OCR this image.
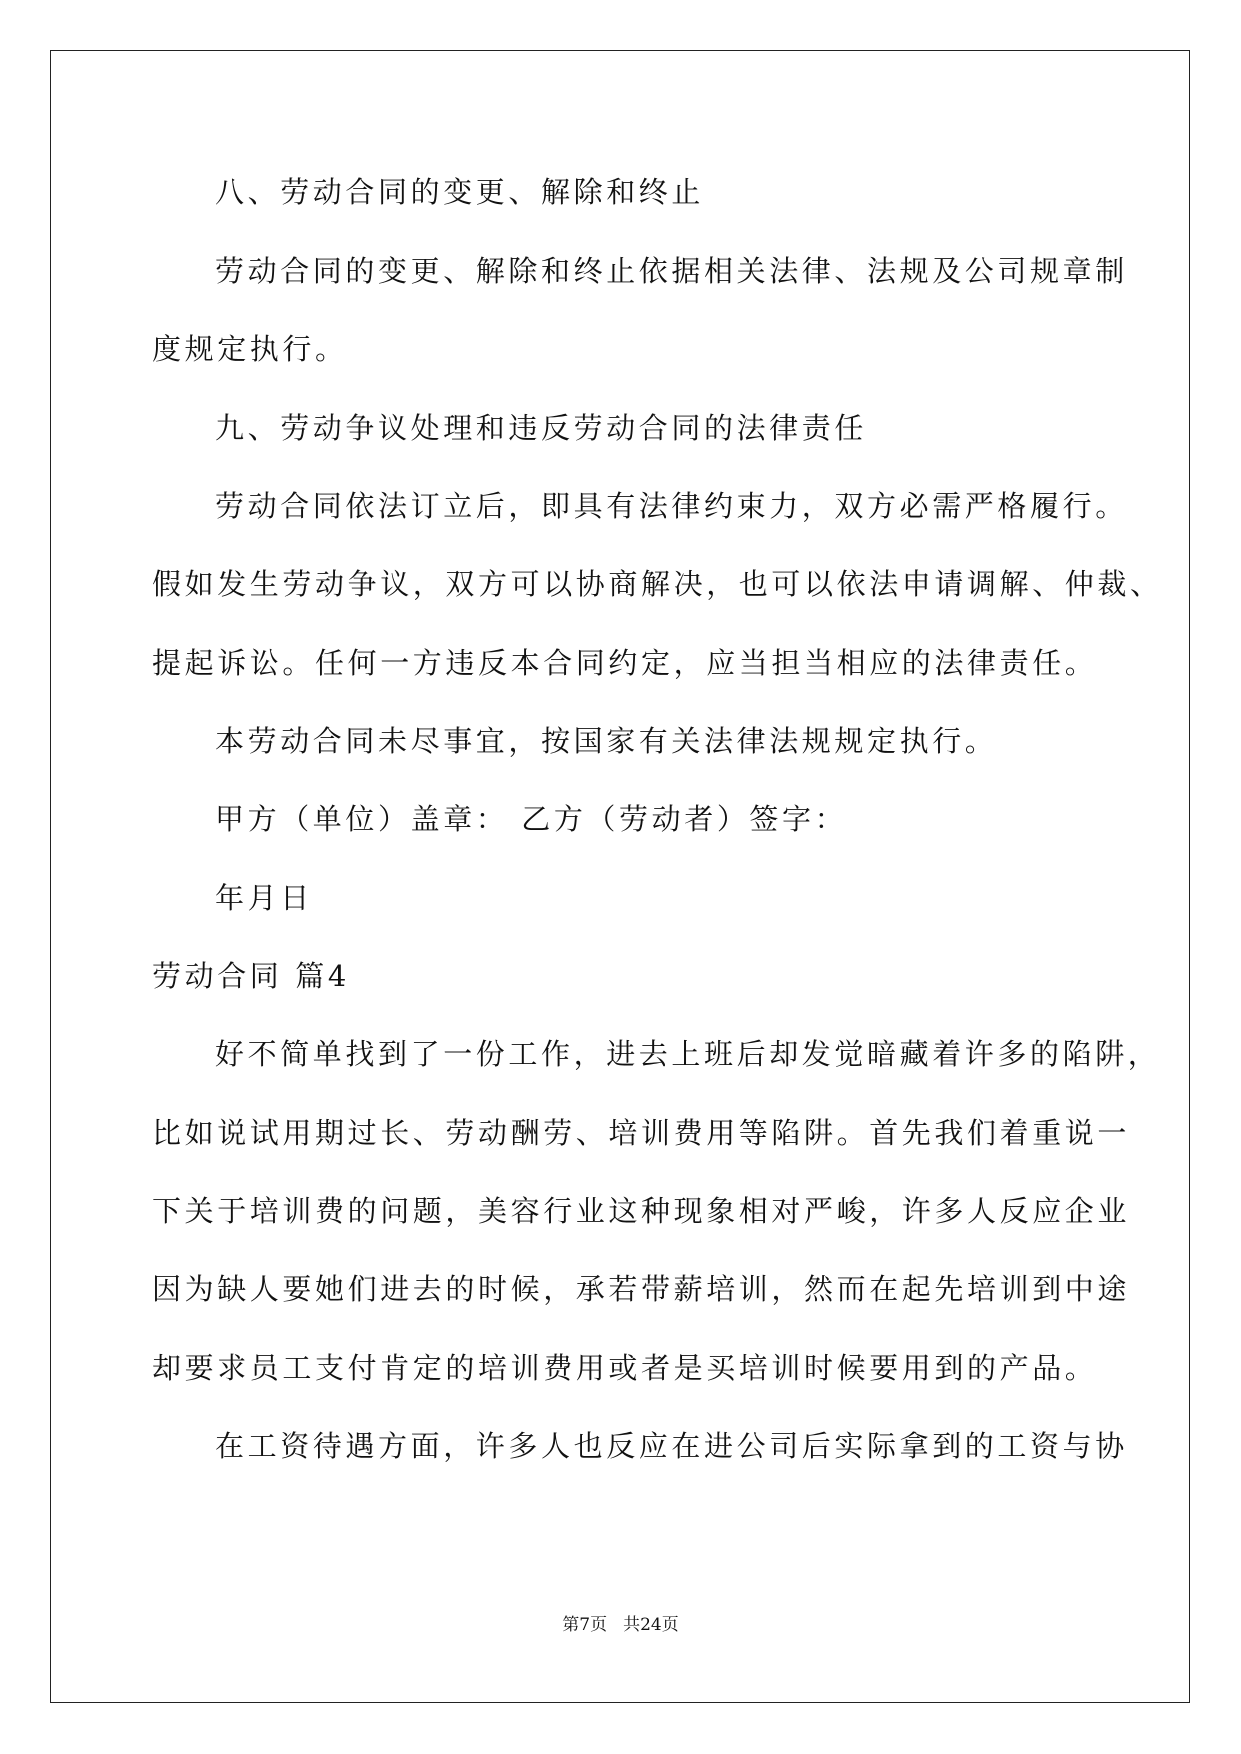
八、劳动合同的变更、解除和终止
劳动合同的变更、解除和终止依据相关法律、法规及公司规章制
度规定执行。
九、劳动争议处理和违反劳动合同的法律责任
劳动合同依法订立后，即具有法律约束力，双方必需严格履行。
假如发生劳动争议，双方可以协商解决，也可以依法申请调解、仲裁、
提起诉讼。任何一方违反本合同约定，应当担当相应的法律责任。
本劳动合同未尽事宜，按国家有关法律法规规定执行。
甲方（单位）盖章： 乙方（劳动者）签字：
年月日
劳动合同 篇4
好不简单找到了一份工作，进去上班后却发觉暗藏着许多的陷阱，
比如说试用期过长、劳动酬劳、培训费用等陷阱。首先我们着重说一
下关于培训费的问题，美容行业这种现象相对严峻，许多人反应企业
因为缺人要她们进去的时候，承若带薪培训，然而在起先培训到中途
却要求员工支付肯定的培训费用或者是买培训时候要用到的产品。
在工资待遇方面，许多人也反应在进公司后实际拿到的工资与协
第7页 共24页
